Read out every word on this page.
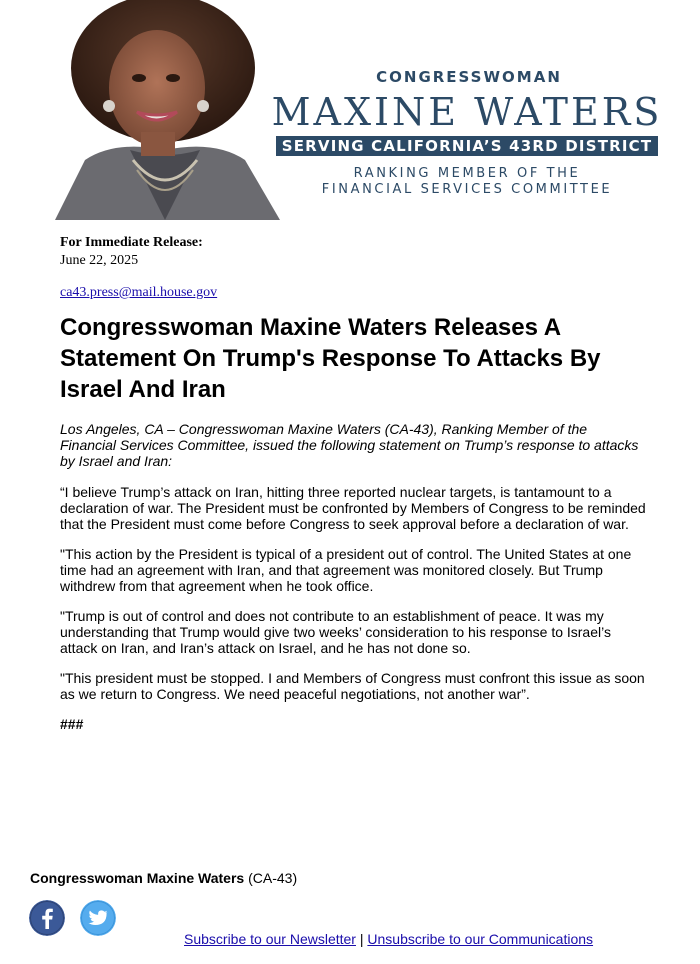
CONGRESSWOMAN
MAXINE WATERS
SERVING CALIFORNIA’S 43RD DISTRICT
RANKING MEMBER OF THE
FINANCIAL SERVICES COMMITTEE
For Immediate Release:
June 22, 2025
ca43.press@mail.house.gov
Congresswoman Maxine Waters Releases A Statement On Trump's Response To Attacks By Israel And Iran

Los Angeles, CA – Congresswoman Maxine Waters (CA-43), Ranking Member of the Financial Services Committee, issued the following statement on Trump’s response to attacks by Israel and Iran:

“I believe Trump’s attack on Iran, hitting three reported nuclear targets, is tantamount to a declaration of war. The President must be confronted by Members of Congress to be reminded that the President must come before Congress to seek approval before a declaration of war.

"This action by the President is typical of a president out of control. The United States at one time had an agreement with Iran, and that agreement was monitored closely. But Trump withdrew from that agreement when he took office.

"Trump is out of control and does not contribute to an establishment of peace. It was my understanding that Trump would give two weeks’ consideration to his response to Israel’s attack on Iran, and Iran’s attack on Israel, and he has not done so.

"This president must be stopped. I and Members of Congress must confront this issue as soon as we return to Congress. We need peaceful negotiations, not another war”.

###
Congresswoman Maxine Waters (CA-43)
Subscribe to our Newsletter | Unsubscribe to our Communications
